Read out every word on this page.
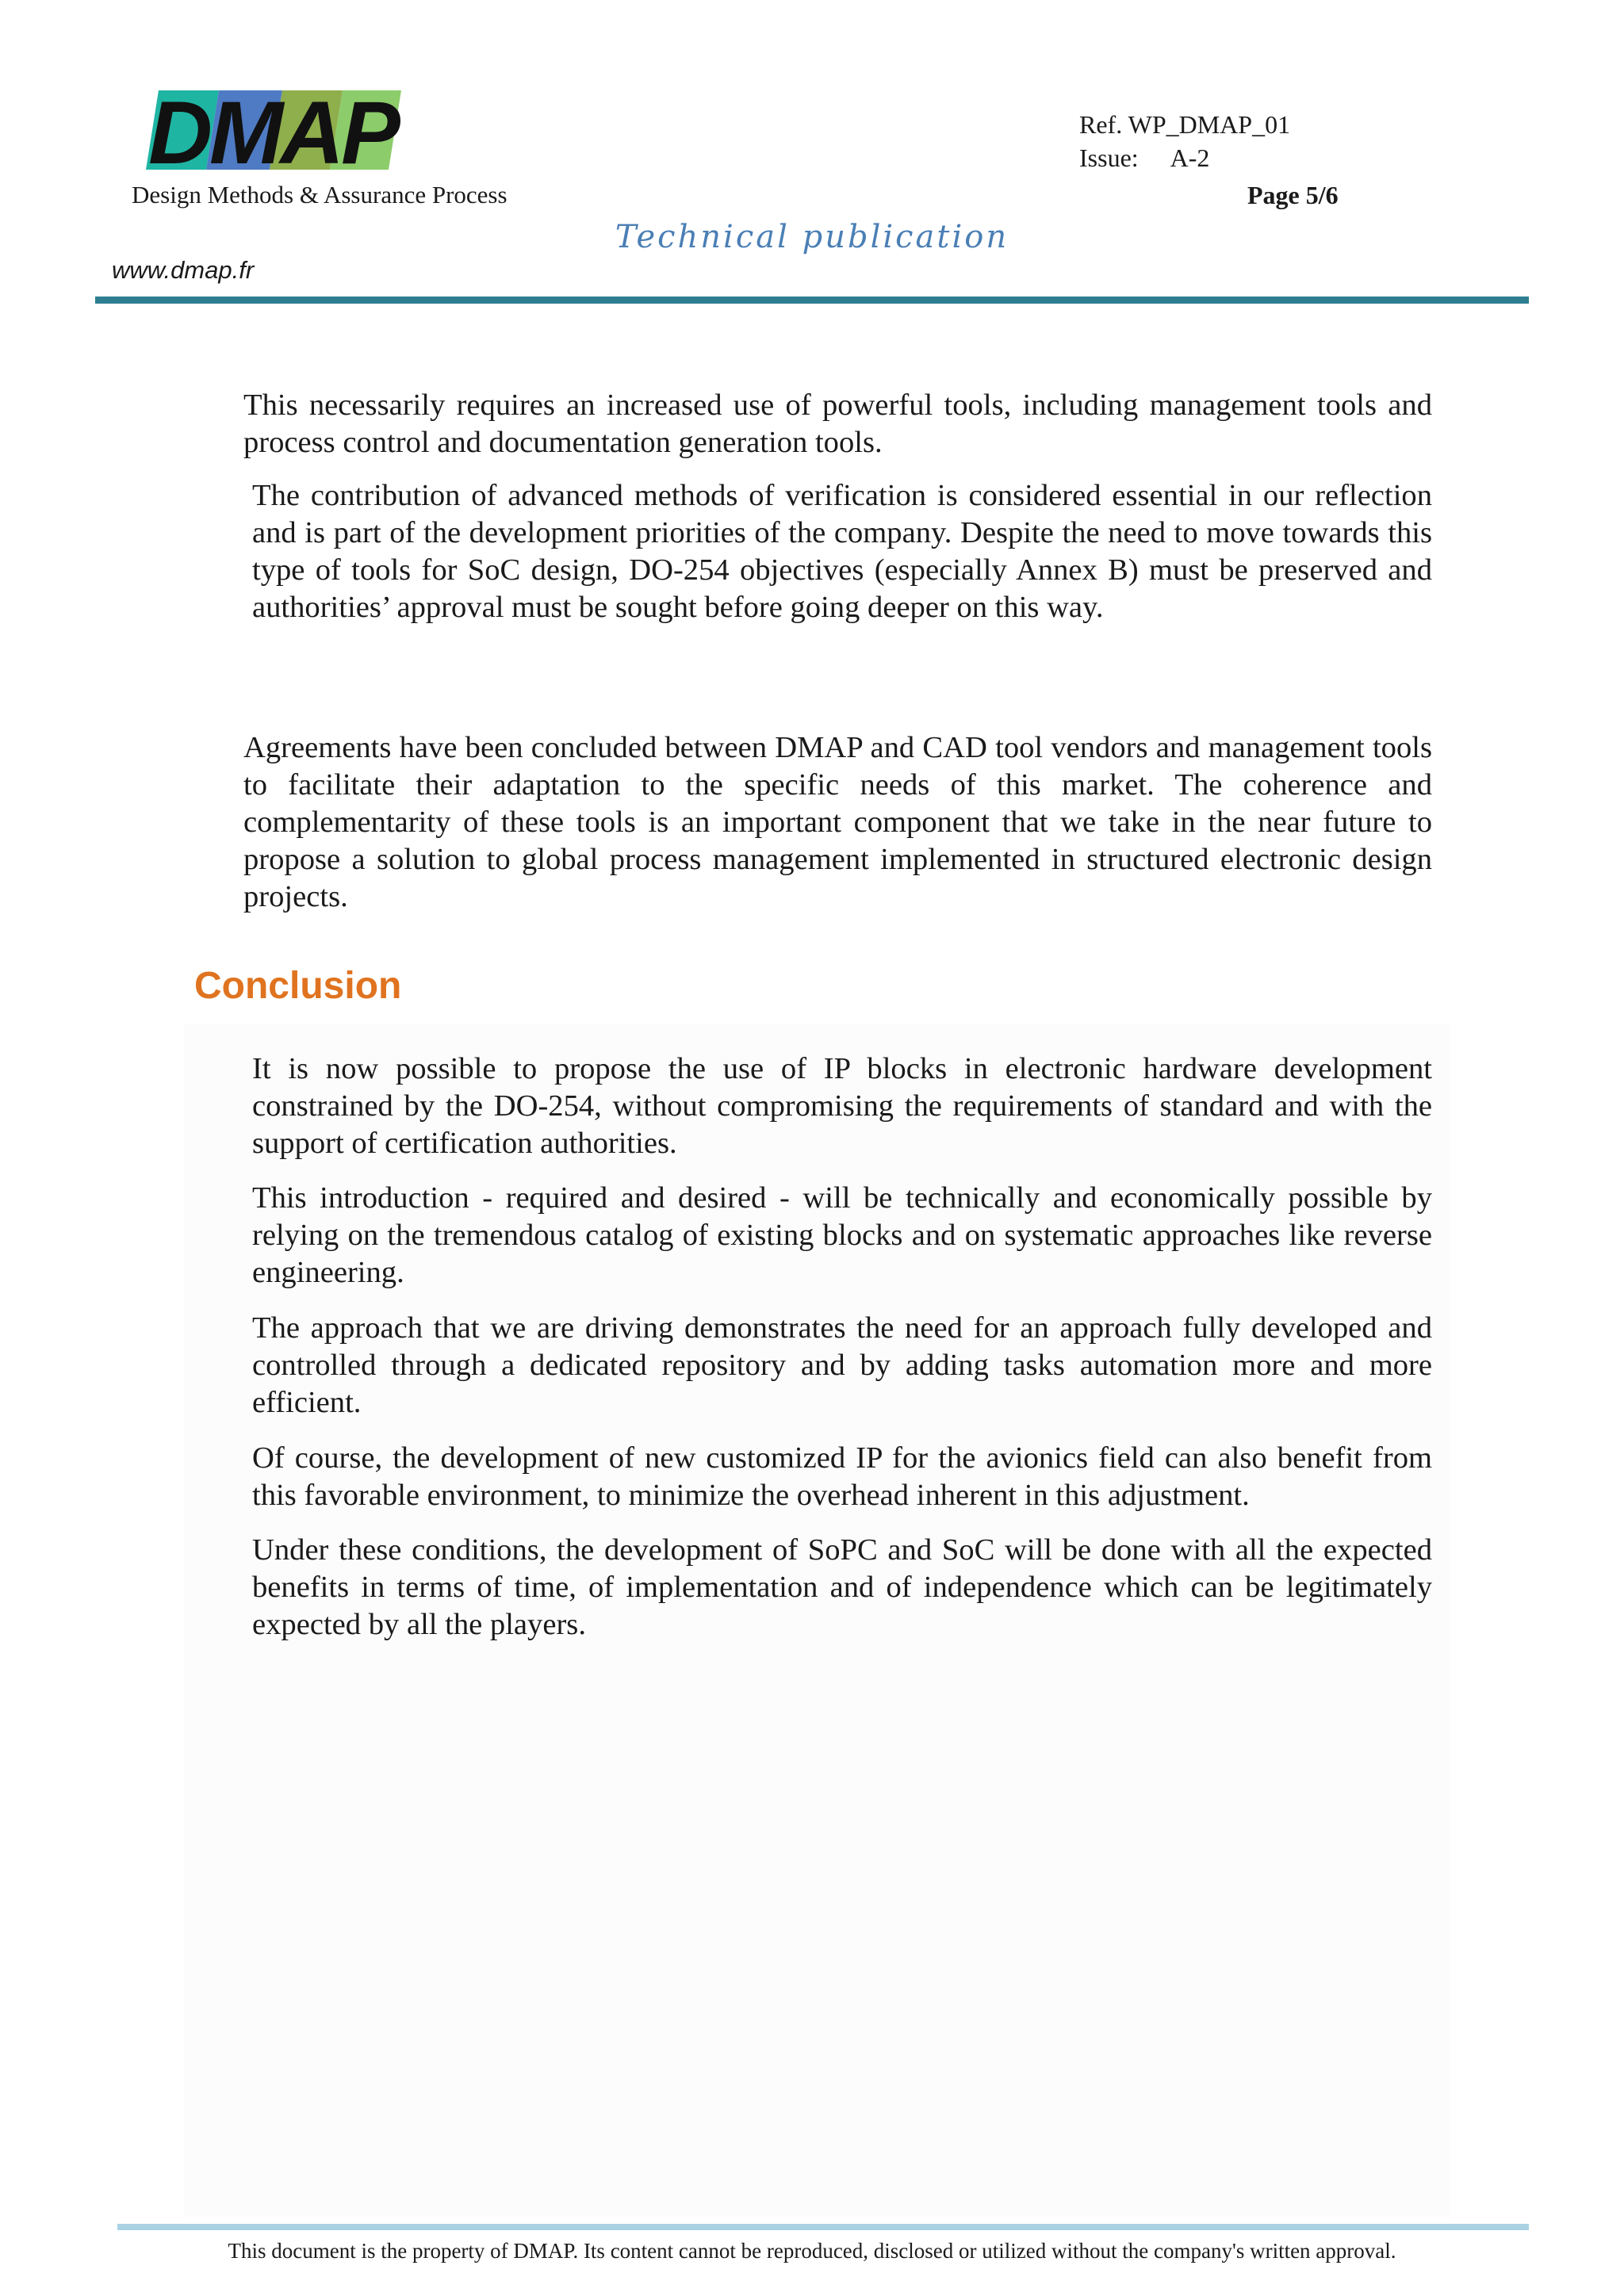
DMAP
Design Methods & Assurance Process
www.dmap.fr
Technical publication
Ref. WP_DMAP_01
Issue: A-2
Page 5/6
This necessarily requires an increased use of powerful tools, including management tools and process control and documentation generation tools.
The contribution of advanced methods of verification is considered essential in our reflection and is part of the development priorities of the company. Despite the need to move towards this type of tools for SoC design, DO-254 objectives (especially Annex B) must be preserved and authorities’ approval must be sought before going deeper on this way.
Agreements have been concluded between DMAP and CAD tool vendors and management tools to facilitate their adaptation to the specific needs of this market. The coherence and complementarity of these tools is an important component that we take in the near future to propose a solution to global process management implemented in structured electronic design projects.
Conclusion
It is now possible to propose the use of IP blocks in electronic hardware development constrained by the DO-254, without compromising the requirements of standard and with the support of certification authorities.
This introduction - required and desired - will be technically and economically possible by relying on the tremendous catalog of existing blocks and on systematic approaches like reverse engineering.
The approach that we are driving demonstrates the need for an approach fully developed and controlled through a dedicated repository and by adding tasks automation more and more efficient.
Of course, the development of new customized IP for the avionics field can also benefit from this favorable environment, to minimize the overhead inherent in this adjustment.
Under these conditions, the development of SoPC and SoC will be done with all the expected benefits in terms of time, of implementation and of independence which can be legitimately expected by all the players.
This document is the property of DMAP. Its content cannot be reproduced, disclosed or utilized without the company's written approval.
